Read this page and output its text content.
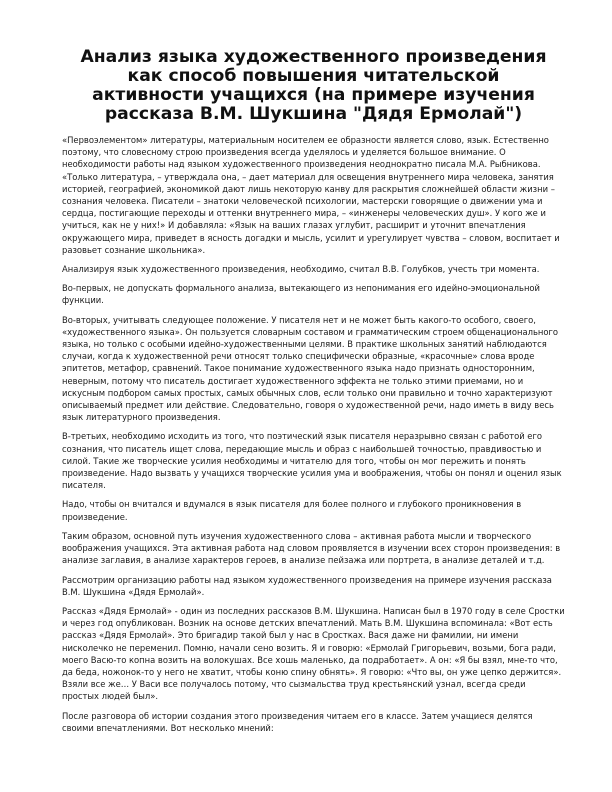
Анализ языка художественного произведения как способ повышения читательской активности учащихся (на примере изучения рассказа В.М. Шукшина "Дядя Ермолай")

«Первоэлементом» литературы, материальным носителем ее образности является слово, язык. Естественно поэтому, что словесному строю произведения всегда уделялось и уделяется большое внимание. О необходимости работы над языком художественного произведения неоднократно писала М.А. Рыбникова. «Только литература, – утверждала она, – дает материал для освещения внутреннего мира человека, занятия историей, географией, экономикой дают лишь некоторую канву для раскрытия сложнейшей области жизни – сознания человека. Писатели – знатоки человеческой психологии, мастерски говорящие о движении ума и сердца, постигающие переходы и оттенки внутреннего мира, – «инженеры человеческих душ». У кого же и учиться, как не у них!» И добавляла: «Язык на ваших глазах углубит, расширит и уточнит впечатления окружающего мира, приведет в ясность догадки и мысль, усилит и урегулирует чувства – словом, воспитает и разовьет сознание школьника».

Анализируя язык художественного произведения, необходимо, считал В.В. Голубков, учесть три момента.

Во-первых, не допускать формального анализа, вытекающего из непонимания его идейно-эмоциональной функции.

Во-вторых, учитывать следующее положение. У писателя нет и не может быть какого-то особого, своего, «художественного языка». Он пользуется словарным составом и грамматическим строем общенационального языка, но только с особыми идейно-художественными целями. В практике школьных занятий наблюдаются случаи, когда к художественной речи относят только специфически образные, «красочные» слова вроде эпитетов, метафор, сравнений. Такое понимание художественного языка надо признать односторонним, неверным, потому что писатель достигает художественного эффекта не только этими приемами, но и искусным подбором самых простых, самых обычных слов, если только они правильно и точно характеризуют описываемый предмет или действие. Следовательно, говоря о художественной речи, надо иметь в виду весь язык литературного произведения.

В-третьих, необходимо исходить из того, что поэтический язык писателя неразрывно связан с работой его сознания, что писатель ищет слова, передающие мысль и образ с наибольшей точностью, правдивостью и силой. Такие же творческие усилия необходимы и читателю для того, чтобы он мог пережить и понять произведение. Надо вызвать у учащихся творческие усилия ума и воображения, чтобы он понял и оценил язык писателя.

Надо, чтобы он вчитался и вдумался в язык писателя для более полного и глубокого проникновения в произведение.

Таким образом, основной путь изучения художественного слова – активная работа мысли и творческого воображения учащихся. Эта активная работа над словом проявляется в изучении всех сторон произведения: в анализе заглавия, в анализе характеров героев, в анализе пейзажа или портрета, в анализе деталей и т.д.

Рассмотрим организацию работы над языком художественного произведения на примере изучения рассказа В.М. Шукшина «Дядя Ермолай».

Рассказ «Дядя Ермолай» - один из последних рассказов В.М. Шукшина. Написан был в 1970 году в селе Сростки и через год опубликован. Возник на основе детских впечатлений. Мать В.М. Шукшина вспоминала: «Вот есть рассказ «Дядя Ермолай». Это бригадир такой был у нас в Сростках. Вася даже ни фамилии, ни имени нисколечко не переменил. Помню, начали сено возить. Я и говорю: «Ермолай Григорьевич, возьми, бога ради, моего Васю-то копна возить на волокушах. Все хошь маленько, да подработает». А он: «Я бы взял, мне-то что, да беда, ножонок-то у него не хватит, чтобы коню спину обнять». Я говорю: «Что вы, он уже цепко держится». Взяли все же… У Васи все получалось потому, что сызмальства труд крестьянский узнал, всегда среди простых людей был».

После разговора об истории создания этого произведения читаем его в классе. Затем учащиеся делятся своими впечатлениями. Вот несколько мнений:
